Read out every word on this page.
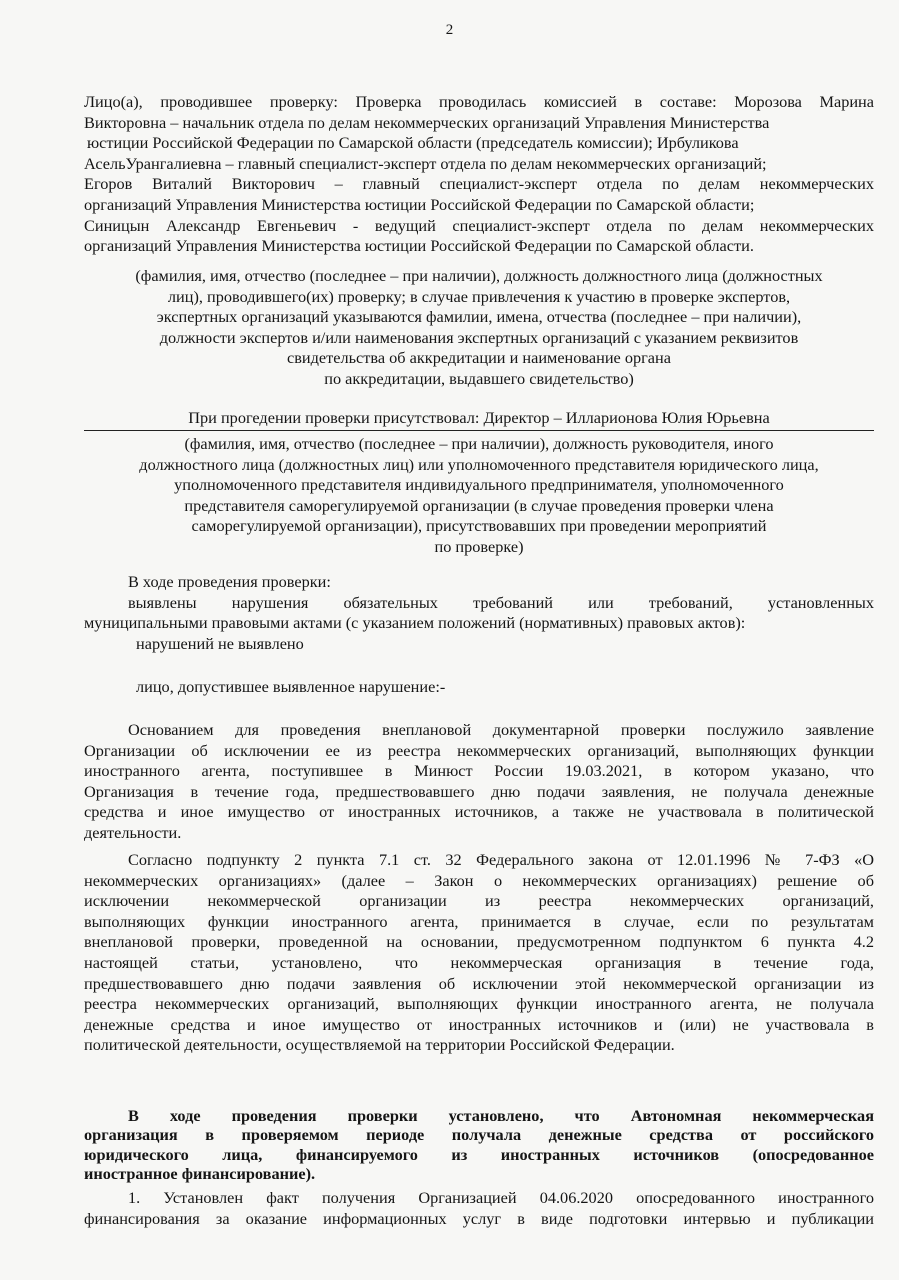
2
Лицо(а), проводившее проверку: Проверка проводилась комиссией в составе: Морозова Марина
Викторовна – начальник отдела по делам некоммерческих организаций Управления Министерства
юстиции Российской Федерации по Самарской области (председатель комиссии); Ирбуликова
АсельУрангалиевна – главный специалист-эксперт отдела по делам некоммерческих организаций;
Егоров Виталий Викторович – главный специалист-эксперт отдела по делам некоммерческих
организаций Управления Министерства юстиции Российской Федерации по Самарской области;
Синицын Александр Евгеньевич - ведущий специалист-эксперт отдела по делам некоммерческих
организаций Управления Министерства юстиции Российской Федерации по Самарской области.
(фамилия, имя, отчество (последнее – при наличии), должность должностного лица (должностных
лиц), проводившего(их) проверку; в случае привлечения к участию в проверке экспертов,
экспертных организаций указываются фамилии, имена, отчества (последнее – при наличии),
должности экспертов и/или наименования экспертных организаций с указанием реквизитов
свидетельства об аккредитации и наименование органа
по аккредитации, выдавшего свидетельство)
При прогедении проверки присутствовал: Директор – Илларионова Юлия Юрьевна
(фамилия, имя, отчество (последнее – при наличии), должность руководителя, иного
должностного лица (должностных лиц) или уполномоченного представителя юридического лица,
уполномоченного представителя индивидуального предпринимателя, уполномоченного
представителя саморегулируемой организации (в случае проведения проверки члена
саморегулируемой организации), присутствовавших при проведении мероприятий
по проверке)
В ходе проведения проверки:
выявлены нарушения обязательных требований или требований, установленных
муниципальными правовыми актами (с указанием положений (нормативных) правовых актов):
нарушений не выявлено
лицо, допустившее выявленное нарушение:-
Основанием для проведения внеплановой документарной проверки послужило заявление
Организации об исключении ее из реестра некоммерческих организаций, выполняющих функции
иностранного агента, поступившее в Минюст России 19.03.2021, в котором указано, что
Организация в течение года, предшествовавшего дню подачи заявления, не получала денежные
средства и иное имущество от иностранных источников, а также не участвовала в политической
деятельности.
Согласно подпункту 2 пункта 7.1 ст. 32 Федерального закона от 12.01.1996 № 7-ФЗ «О
некоммерческих организациях» (далее – Закон о некоммерческих организациях) решение об
исключении некоммерческой организации из реестра некоммерческих организаций,
выполняющих функции иностранного агента, принимается в случае, если по результатам
внеплановой проверки, проведенной на основании, предусмотренном подпунктом 6 пункта 4.2
настоящей статьи, установлено, что некоммерческая организация в течение года,
предшествовавшего дню подачи заявления об исключении этой некоммерческой организации из
реестра некоммерческих организаций, выполняющих функции иностранного агента, не получала
денежные средства и иное имущество от иностранных источников и (или) не участвовала в
политической деятельности, осуществляемой на территории Российской Федерации.
В ходе проведения проверки установлено, что Автономная некоммерческая
организация в проверяемом периоде получала денежные средства от российского
юридического лица, финансируемого из иностранных источников (опосредованное
иностранное финансирование).
1. Установлен факт получения Организацией 04.06.2020 опосредованного иностранного
финансирования за оказание информационных услуг в виде подготовки интервью и публикации
